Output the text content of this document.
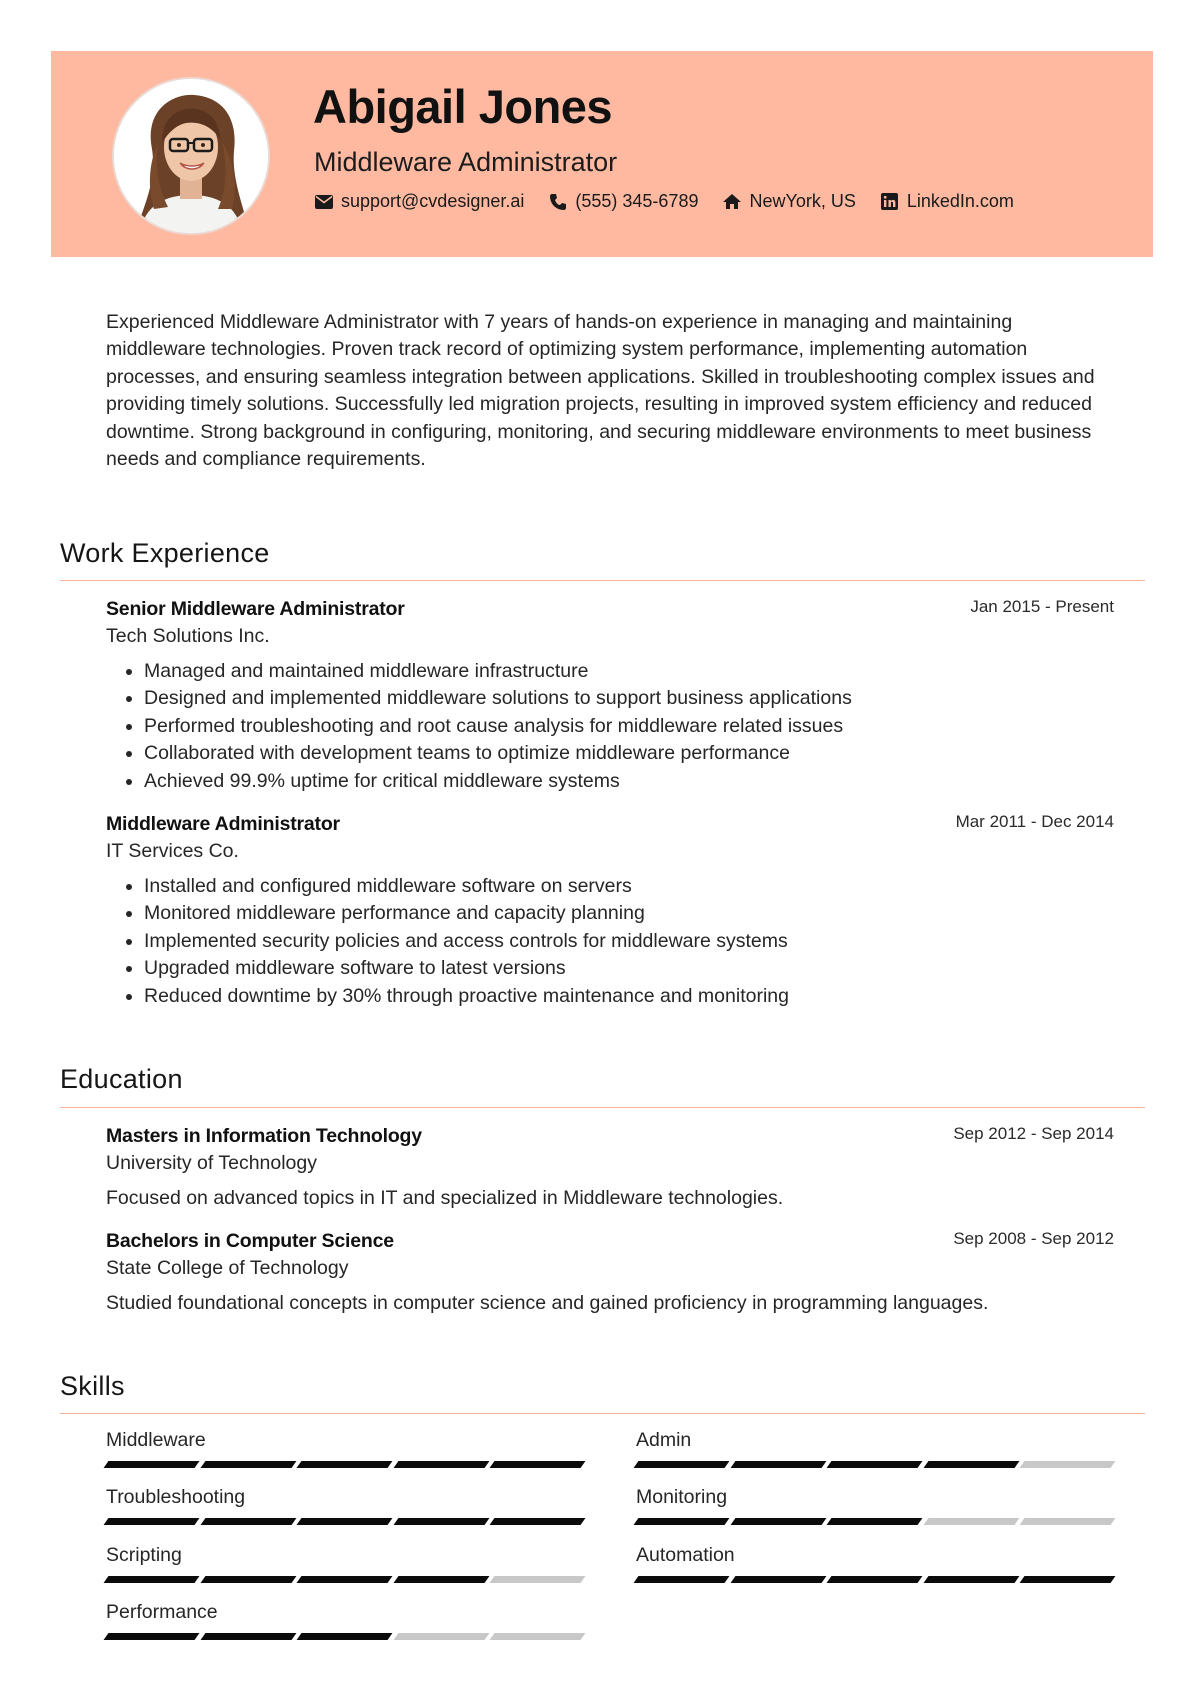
Abigail Jones
Middleware Administrator
support@cvdesigner.ai	(555) 345-6789	NewYork, US	LinkedIn.com
Experienced Middleware Administrator with 7 years of hands-on experience in managing and maintaining middleware technologies. Proven track record of optimizing system performance, implementing automation processes, and ensuring seamless integration between applications. Skilled in troubleshooting complex issues and providing timely solutions. Successfully led migration projects, resulting in improved system efficiency and reduced downtime. Strong background in configuring, monitoring, and securing middleware environments to meet business needs and compliance requirements.
Work Experience
Senior Middleware Administrator	Jan 2015 - Present
Tech Solutions Inc.
• Managed and maintained middleware infrastructure
• Designed and implemented middleware solutions to support business applications
• Performed troubleshooting and root cause analysis for middleware related issues
• Collaborated with development teams to optimize middleware performance
• Achieved 99.9% uptime for critical middleware systems
Middleware Administrator	Mar 2011 - Dec 2014
IT Services Co.
• Installed and configured middleware software on servers
• Monitored middleware performance and capacity planning
• Implemented security policies and access controls for middleware systems
• Upgraded middleware software to latest versions
• Reduced downtime by 30% through proactive maintenance and monitoring
Education
Masters in Information Technology	Sep 2012 - Sep 2014
University of Technology
Focused on advanced topics in IT and specialized in Middleware technologies.
Bachelors in Computer Science	Sep 2008 - Sep 2012
State College of Technology
Studied foundational concepts in computer science and gained proficiency in programming languages.
Skills
Middleware	Admin
Troubleshooting	Monitoring
Scripting	Automation
Performance
